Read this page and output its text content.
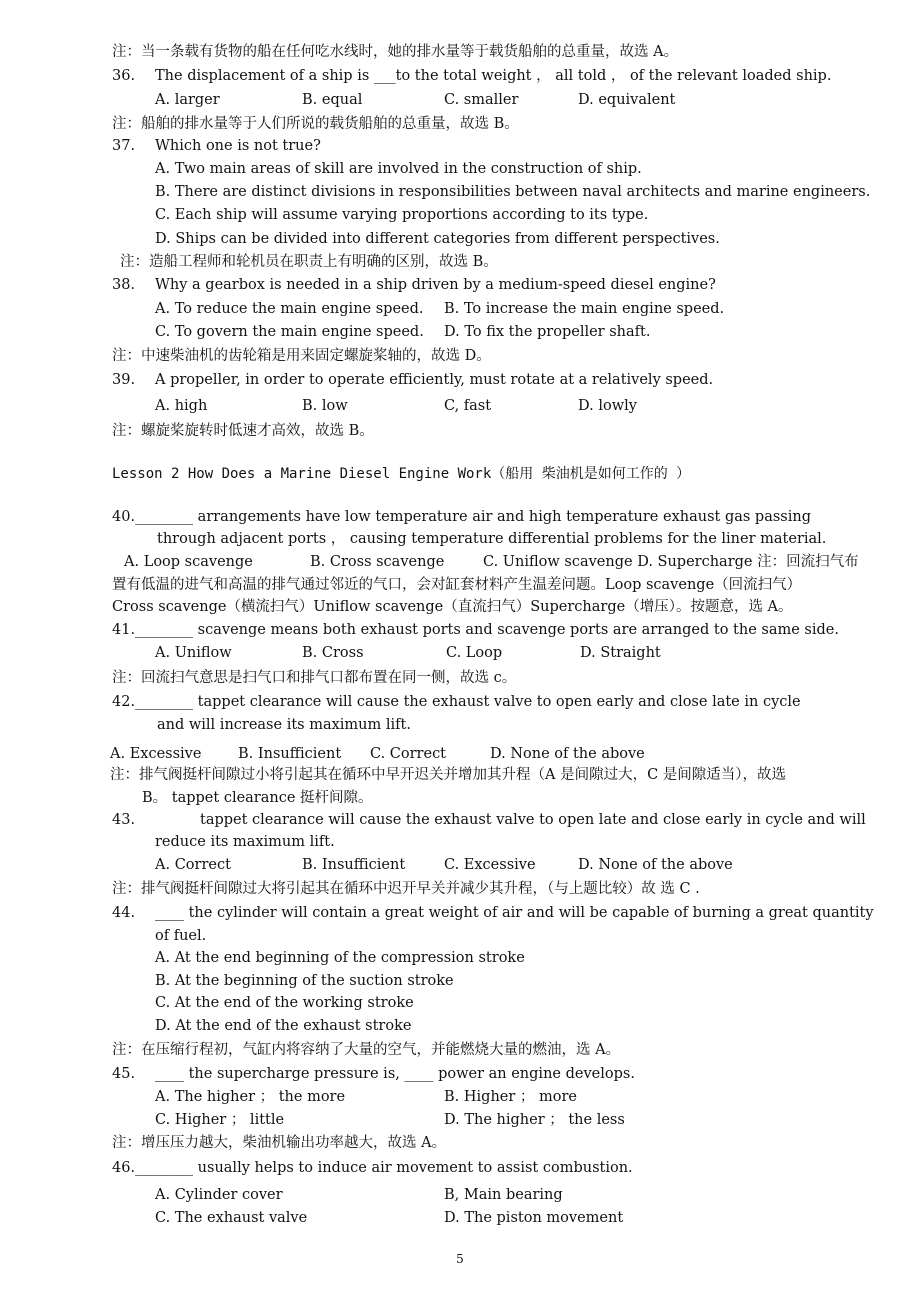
注：当一条载有货物的船在任何吃水线时，她的排水量等于载货船舶的总重量，故选 A。
36. The displacement of a ship is ___to the total weight ， all told ， of the relevant loaded ship.
A. larger	B. equal	C. smaller	D. equivalent
注：船舶的排水量等于人们所说的载货船舶的总重量，故选 B。
37. Which one is not true?
A. Two main areas of skill are involved in the construction of ship.
B. There are distinct divisions in responsibilities between naval architects and marine engineers.
C. Each ship will assume varying proportions according to its type.
D. Ships can be divided into different categories from different perspectives.
注：造船工程师和轮机员在职责上有明确的区别，故选 B。
38. Why a gearbox is needed in a ship driven by a medium-speed diesel engine?
A. To reduce the main engine speed. B. To increase the main engine speed.
C. To govern the main engine speed. D. To fix the propeller shaft.
注：中速柴油机的齿轮箱是用来固定螺旋桨轴的，故选 D。
39. A propeller, in order to operate efficiently, must rotate at a relatively speed.
A. high	B. low	C, fast	D. lowly
注：螺旋桨旋转时低速才高效，故选 B。
Lesson 2 How Does a Marine Diesel Engine Work（船用 柴油机是如何工作的 ）
40.________ arrangements have low temperature air and high temperature exhaust gas passing
through adjacent ports ， causing temperature differential problems for the liner material.
A. Loop scavenge	B. Cross scavenge	C. Uniflow scavenge D. Supercharge 注：回流扫气布
置有低温的进气和高温的排气通过邻近的气口，会对缸套材料产生温差问题。Loop scavenge（回流扫气）
Cross scavenge（横流扫气）Uniflow scavenge（直流扫气）Supercharge（增压）。按题意，选 A。
41.________ scavenge means both exhaust ports and scavenge ports are arranged to the same side.
A. Uniflow	B. Cross	C. Loop	D. Straight
注：回流扫气意思是扫气口和排气口都布置在同一侧，故选 c。
42.________ tappet clearance will cause the exhaust valve to open early and close late in cycle
and will increase its maximum lift.
A. Excessive	B. Insufficient C. Correct	D. None of the above
注：排气阀挺杆间隙过小将引起其在循环中早开迟关并增加其升程（A 是间隙过大，C 是间隙适当），故选
B。 tappet clearance 挺杆间隙。
43.	tappet clearance will cause the exhaust valve to open late and close early in cycle and will
reduce its maximum lift.
A. Correct	B. Insufficient	C. Excessive	D. None of the above
注：排气阀挺杆间隙过大将引起其在循环中迟开早关并减少其升程，（与上题比较）故 选 C .
44. ____ the cylinder will contain a great weight of air and will be capable of burning a great quantity
of fuel.
A. At the end beginning of the compression stroke
B. At the beginning of the suction stroke
C. At the end of the working stroke
D. At the end of the exhaust stroke
注：在压缩行程初，气缸内将容纳了大量的空气，并能燃烧大量的燃油，选 A。
45. ____ the supercharge pressure is, ____ power an engine develops.
A. The higher ； the more	B. Higher ； more
C. Higher ； little	D. The higher ； the less
注：增压压力越大，柴油机输出功率越大，故选 A。
46.________ usually helps to induce air movement to assist combustion.
A. Cylinder cover	B, Main bearing
C. The exhaust valve	D. The piston movement
5
